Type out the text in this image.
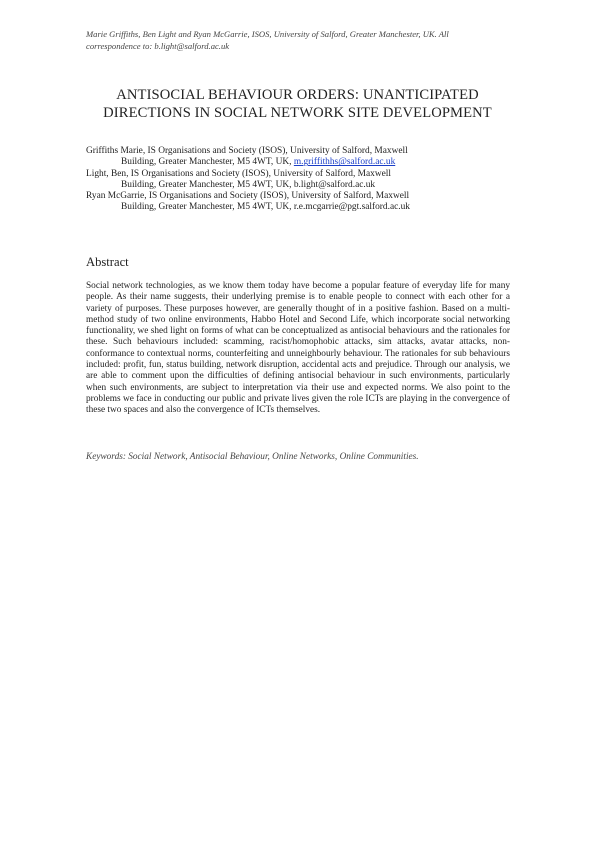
Marie Griffiths, Ben Light and Ryan McGarrie, ISOS, University of Salford, Greater Manchester, UK. All
correspondence to: b.light@salford.ac.uk
ANTISOCIAL BEHAVIOUR ORDERS: UNANTICIPATED
DIRECTIONS IN SOCIAL NETWORK SITE DEVELOPMENT
Griffiths Marie, IS Organisations and Society (ISOS), University of Salford, Maxwell
Building, Greater Manchester, M5 4WT, UK, m.griffithhs@salford.ac.uk
Light, Ben, IS Organisations and Society (ISOS), University of Salford, Maxwell
Building, Greater Manchester, M5 4WT, UK, b.light@salford.ac.uk
Ryan McGarrie, IS Organisations and Society (ISOS), University of Salford, Maxwell
Building, Greater Manchester, M5 4WT, UK, r.e.mcgarrie@pgt.salford.ac.uk
Abstract

Social network technologies, as we know them today have become a popular feature of everyday life for many people. As their name suggests, their underlying premise is to enable people to connect with each other for a variety of purposes. These purposes however, are generally thought of in a positive fashion. Based on a multi-method study of two online environments, Habbo Hotel and Second Life, which incorporate social networking functionality, we shed light on forms of what can be conceptualized as antisocial behaviours and the rationales for these. Such behaviours included: scamming, racist/homophobic attacks, sim attacks, avatar attacks, non-conformance to contextual norms, counterfeiting and unneighbourly behaviour. The rationales for sub behaviours included: profit, fun, status building, network disruption, accidental acts and prejudice. Through our analysis, we are able to comment upon the difficulties of defining antisocial behaviour in such environments, particularly when such environments, are subject to interpretation via their use and expected norms. We also point to the problems we face in conducting our public and private lives given the role ICTs are playing in the convergence of these two spaces and also the convergence of ICTs themselves.

Keywords: Social Network, Antisocial Behaviour, Online Networks, Online Communities.
